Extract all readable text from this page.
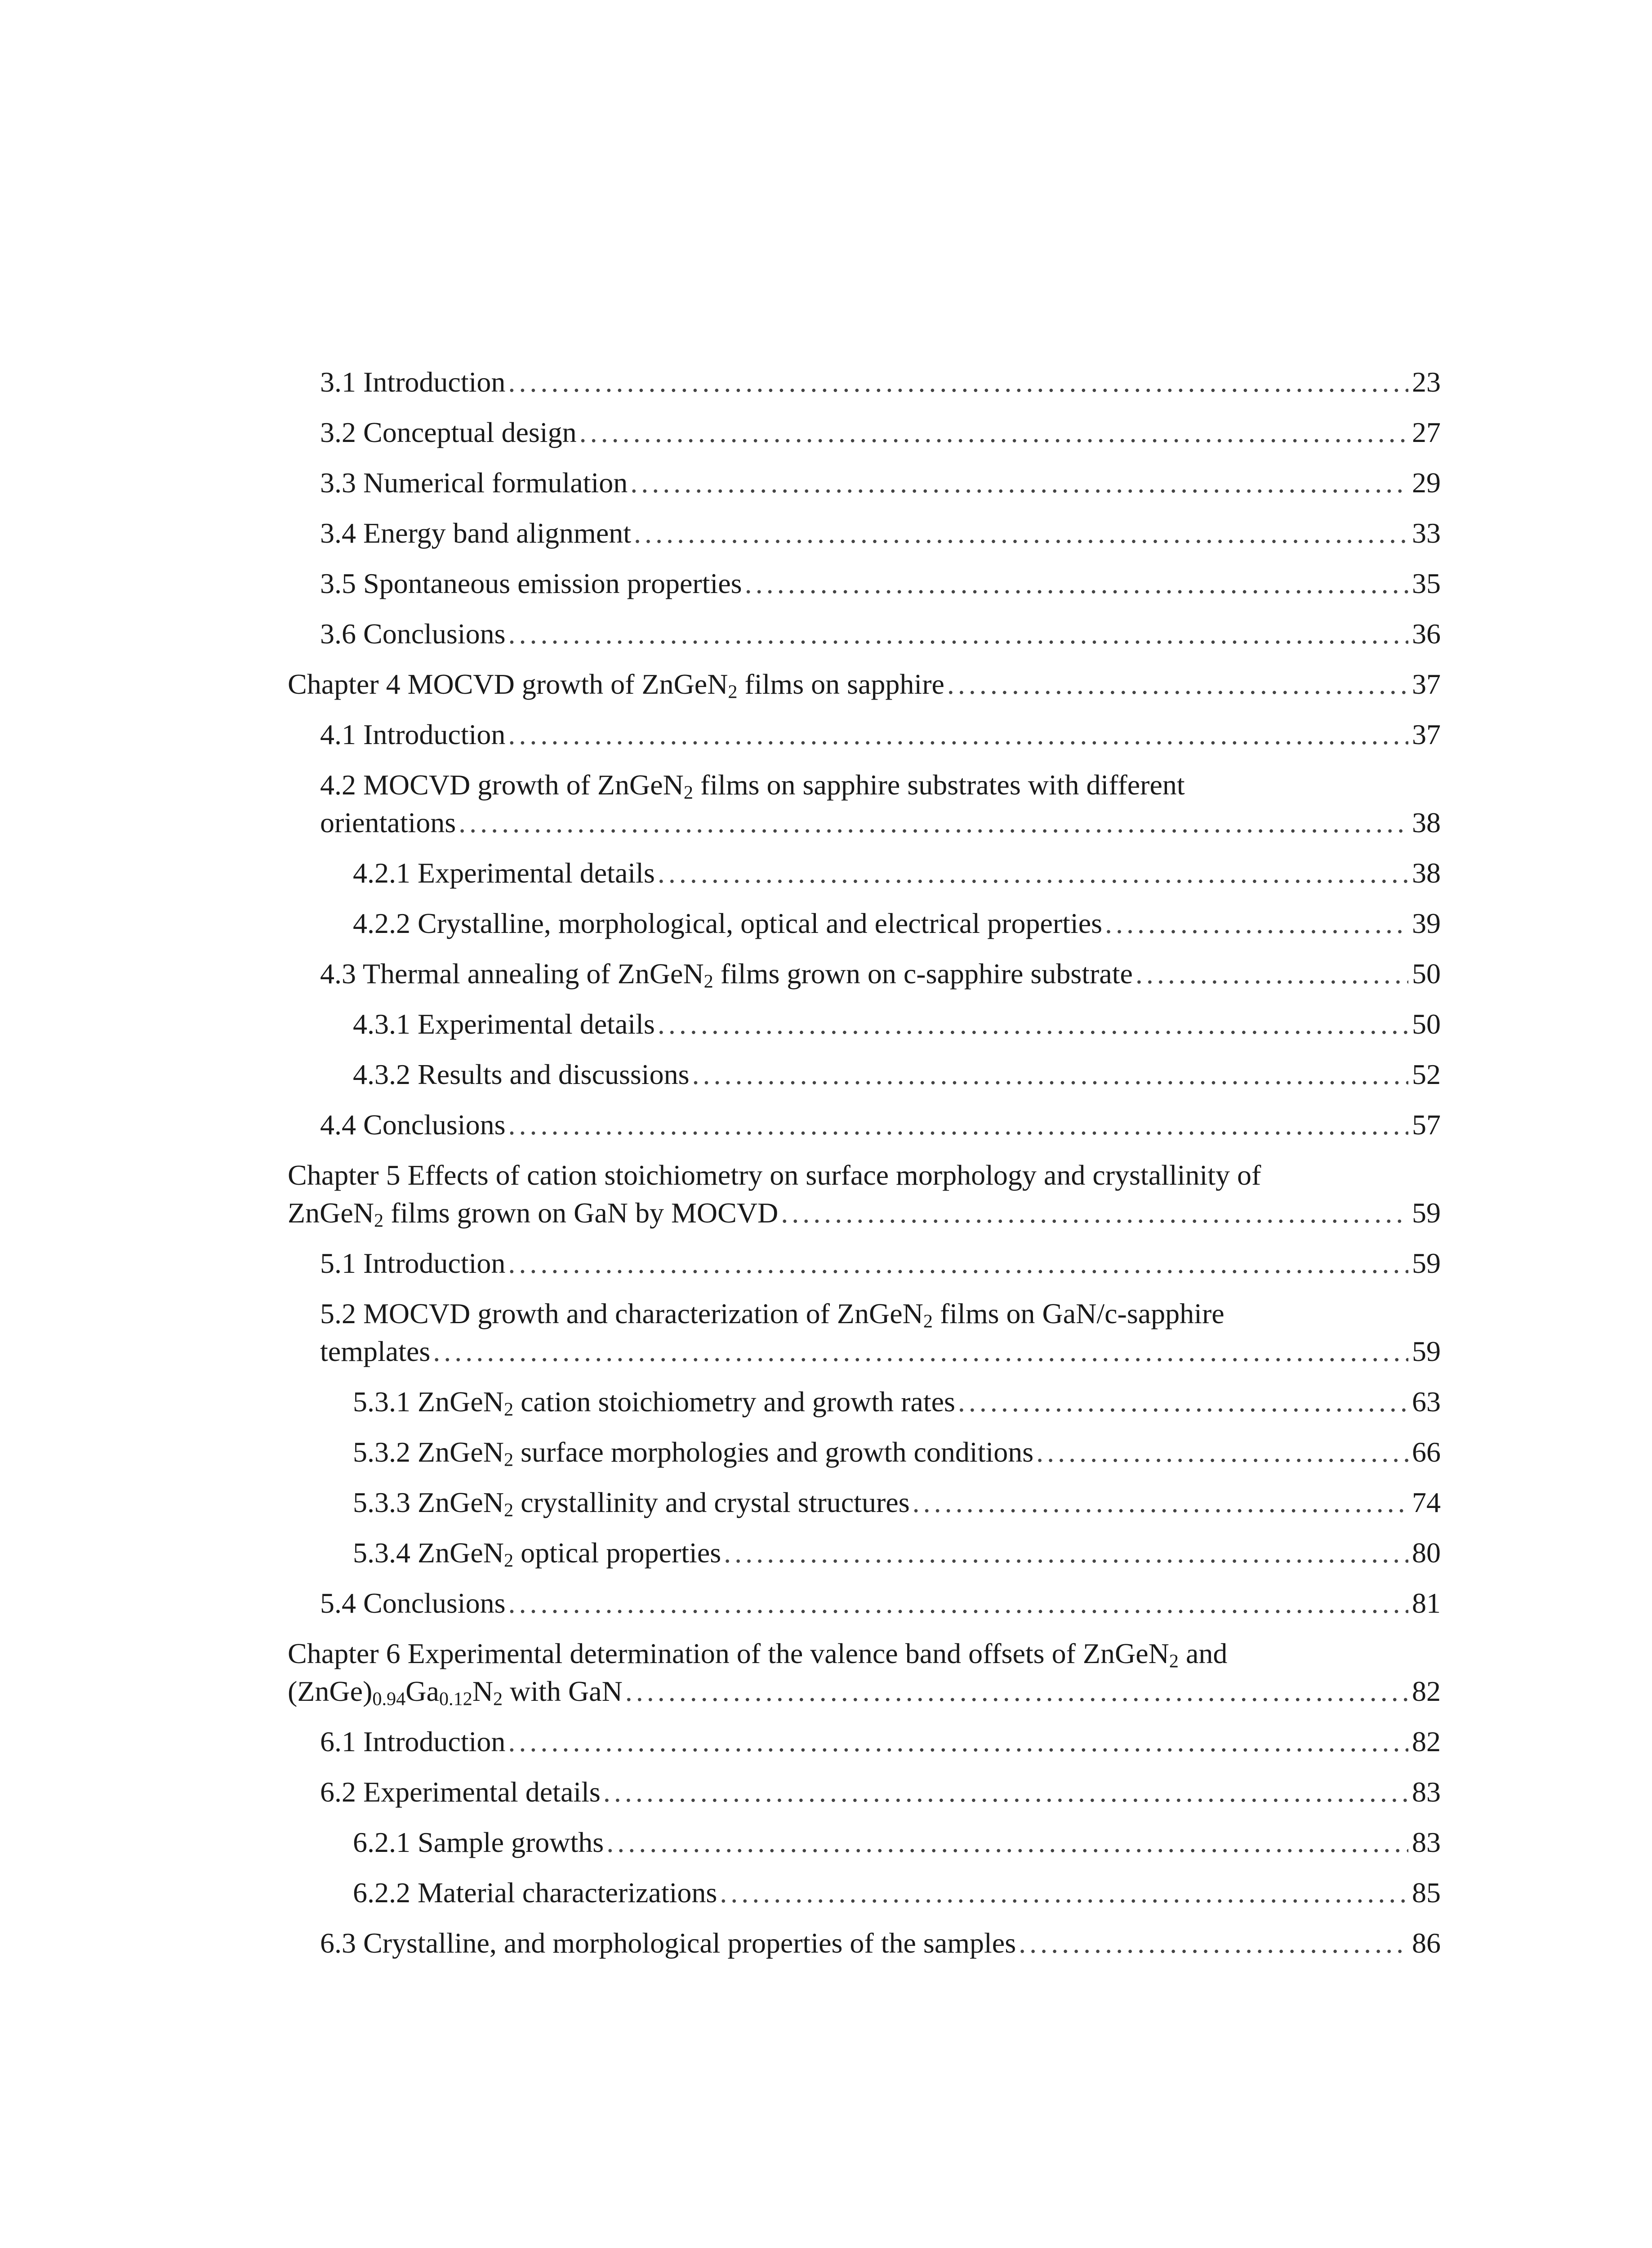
3.1 Introduction . . .	23
3.2 Conceptual design . . .	27
3.3 Numerical formulation . . .	29
3.4 Energy band alignment . . .	33
3.5 Spontaneous emission properties . . .	35
3.6 Conclusions . . .	36
Chapter 4 MOCVD growth of ZnGeN$_2$ films on sapphire . . .	37
4.1 Introduction . . .	37
4.2 MOCVD growth of ZnGeN$_2$ films on sapphire substrates with different
orientations . . .	38
4.2.1 Experimental details . . .	38
4.2.2 Crystalline, morphological, optical and electrical properties . . .	39
4.3 Thermal annealing of ZnGeN$_2$ films grown on c-sapphire substrate . . .	50
4.3.1 Experimental details . . .	50
4.3.2 Results and discussions . . .	52
4.4 Conclusions . . .	57
Chapter 5 Effects of cation stoichiometry on surface morphology and crystallinity of
ZnGeN$_2$ films grown on GaN by MOCVD . . .	59
5.1 Introduction . . .	59
5.2 MOCVD growth and characterization of ZnGeN$_2$ films on GaN/c-sapphire
templates . . .	59
5.3.1 ZnGeN$_2$ cation stoichiometry and growth rates . . .	63
5.3.2 ZnGeN$_2$ surface morphologies and growth conditions . . .	66
5.3.3 ZnGeN$_2$ crystallinity and crystal structures . . .	74
5.3.4 ZnGeN$_2$ optical properties . . .	80
5.4 Conclusions . . .	81
Chapter 6 Experimental determination of the valence band offsets of ZnGeN$_2$ and
$(ZnGe)_{0.94}Ga_{0.12}N_2$ with GaN . . .	82
6.1 Introduction . . .	82
6.2 Experimental details . . .	83
6.2.1 Sample growths . . .	83
6.2.2 Material characterizations . . .	85
6.3 Crystalline, and morphological properties of the samples . . .	86
